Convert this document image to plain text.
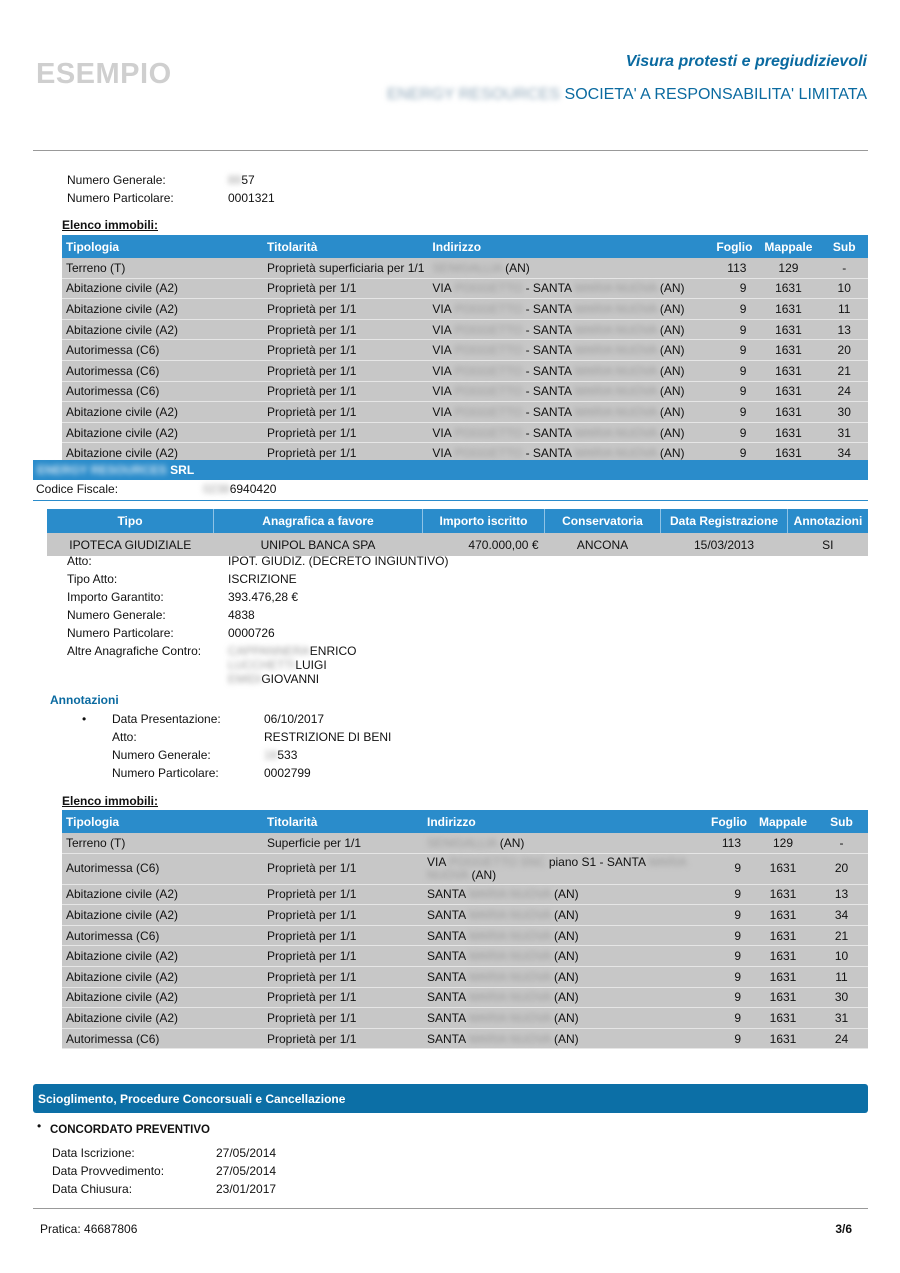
ESEMPIO	Visura protesti e pregiudizievoli
ENERGY RESOURCES SOCIETA' A RESPONSABILITA' LIMITATA
Numero Generale:	8957
Numero Particolare:	0001321
Elenco immobili:
Tipologia	Titolarità	Indirizzo	Foglio	Mappale	Sub
Terreno (T)	Proprietà superficiaria per 1/1	SENIGALLIA (AN)	113	129	-
Abitazione civile (A2)	Proprietà per 1/1	VIA POGGETTO - SANTA MARIA NUOVA (AN)	9	1631	10
Abitazione civile (A2)	Proprietà per 1/1	VIA POGGETTO - SANTA MARIA NUOVA (AN)	9	1631	11
Abitazione civile (A2)	Proprietà per 1/1	VIA POGGETTO - SANTA MARIA NUOVA (AN)	9	1631	13
Autorimessa (C6)	Proprietà per 1/1	VIA POGGETTO - SANTA MARIA NUOVA (AN)	9	1631	20
Autorimessa (C6)	Proprietà per 1/1	VIA POGGETTO - SANTA MARIA NUOVA (AN)	9	1631	21
Autorimessa (C6)	Proprietà per 1/1	VIA POGGETTO - SANTA MARIA NUOVA (AN)	9	1631	24
Abitazione civile (A2)	Proprietà per 1/1	VIA POGGETTO - SANTA MARIA NUOVA (AN)	9	1631	30
Abitazione civile (A2)	Proprietà per 1/1	VIA POGGETTO - SANTA MARIA NUOVA (AN)	9	1631	31
Abitazione civile (A2)	Proprietà per 1/1	VIA POGGETTO - SANTA MARIA NUOVA (AN)	9	1631	34
ENERGY RESOURCES SRL
Codice Fiscale:	02386940420
Tipo	Anagrafica a favore	Importo iscritto	Conservatoria	Data Registrazione	Annotazioni
IPOTECA GIUDIZIALE	UNIPOL BANCA SPA	470.000,00 €	ANCONA	15/03/2013	SI
Atto:	IPOT. GIUDIZ. (DECRETO INGIUNTIVO)
Tipo Atto:	ISCRIZIONE
Importo Garantito:	393.476,28 €
Numero Generale:	4838
Numero Particolare:	0000726
Altre Anagrafiche Contro: CAPPANNERAENRICO
LUCCHETTILUIGI
EMIDIGIOVANNI
Annotazioni
• Data Presentazione:	06/10/2017
Atto:	RESTRIZIONE DI BENI
Numero Generale:	18533
Numero Particolare:	0002799
Elenco immobili:
Tipologia	Titolarità	Indirizzo	Foglio	Mappale	Sub
Terreno (T)	Superficie per 1/1	SENIGALLIA (AN)	113	129	-
Autorimessa (C6)	Proprietà per 1/1	VIA POGGETTO SNC piano S1 - SANTA MARIA NUOVA (AN)	9	1631	20
Abitazione civile (A2)	Proprietà per 1/1	SANTA MARIA NUOVA (AN)	9	1631	13
Abitazione civile (A2)	Proprietà per 1/1	SANTA MARIA NUOVA (AN)	9	1631	34
Autorimessa (C6)	Proprietà per 1/1	SANTA MARIA NUOVA (AN)	9	1631	21
Abitazione civile (A2)	Proprietà per 1/1	SANTA MARIA NUOVA (AN)	9	1631	10
Abitazione civile (A2)	Proprietà per 1/1	SANTA MARIA NUOVA (AN)	9	1631	11
Abitazione civile (A2)	Proprietà per 1/1	SANTA MARIA NUOVA (AN)	9	1631	30
Abitazione civile (A2)	Proprietà per 1/1	SANTA MARIA NUOVA (AN)	9	1631	31
Autorimessa (C6)	Proprietà per 1/1	SANTA MARIA NUOVA (AN)	9	1631	24
Scioglimento, Procedure Concorsuali e Cancellazione
• CONCORDATO PREVENTIVO
Data Iscrizione:	27/05/2014
Data Provvedimento:	27/05/2014
Data Chiusura:	23/01/2017
Pratica: 46687806	3/6
